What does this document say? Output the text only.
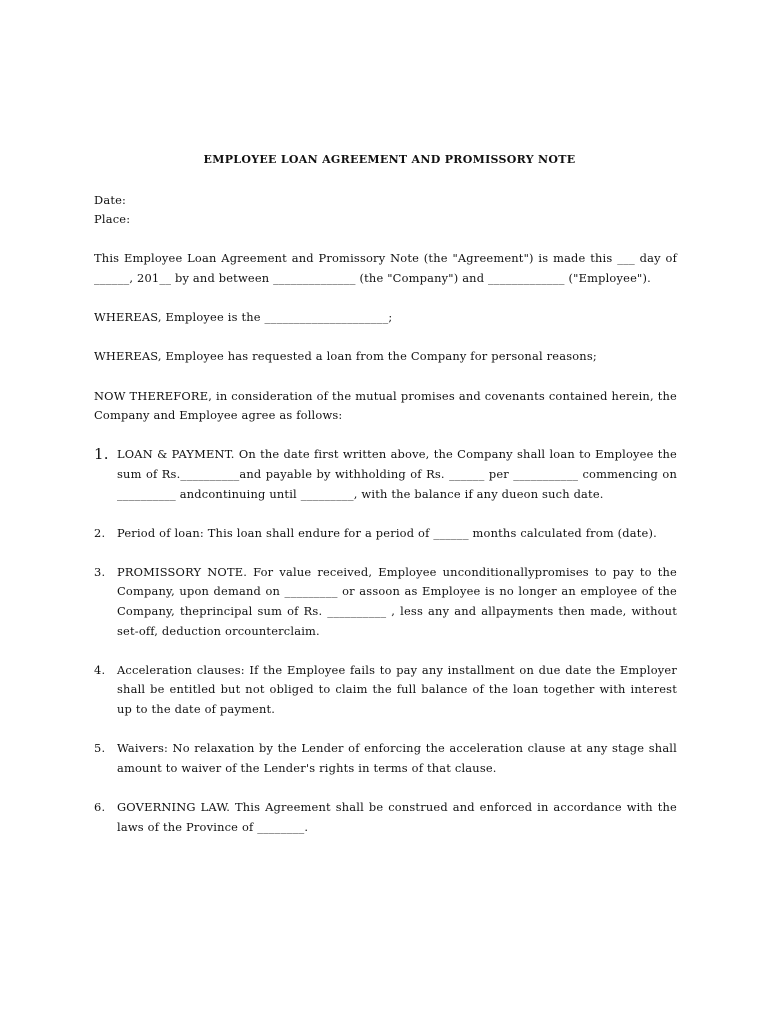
EMPLOYEE LOAN AGREEMENT AND PROMISSORY NOTE

Date:

Place:

This Employee Loan Agreement and Promissory Note (the "Agreement") is made this ___ day of ______, 201__ by and between ______________ (the "Company") and _____________ ("Employee").

WHEREAS, Employee is the _____________________;

WHEREAS, Employee has requested a loan from the Company for personal reasons;

NOW THEREFORE, in consideration of the mutual promises and covenants contained herein, the Company and Employee agree as follows:

1. LOAN & PAYMENT. On the date first written above, the Company shall loan to Employee the sum of Rs.__________and payable by withholding of Rs. ______ per ___________ commencing on __________ andcontinuing until _________, with the balance if any dueon such date.
2.	Period of loan: This loan shall endure for a period of ______ months calculated from (date).
3.	PROMISSORY NOTE. For value received, Employee unconditionallypromises to pay to the Company, upon demand on _________ or assoon as Employee is no longer an employee of the Company, theprincipal sum of Rs. __________ , less any and allpayments then made, without set-off, deduction orcounterclaim.
4.	Acceleration clauses: If the Employee fails to pay any installment on due date the Employer shall be entitled but not obliged to claim the full balance of the loan together with interest up to the date of payment.
5.	Waivers: No relaxation by the Lender of enforcing the acceleration clause at any stage shall amount to waiver of the Lender's rights in terms of that clause.
6.	GOVERNING LAW. This Agreement shall be construed and enforced in accordance with the laws of the Province of ________.
